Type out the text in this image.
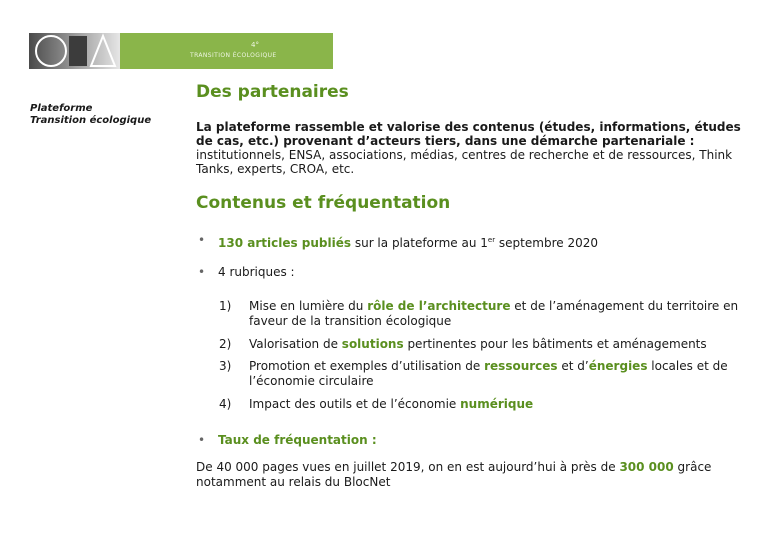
4°
TRANSITION ÉCOLOGIQUE
Plateforme
Transition écologique
Des partenaires
La plateforme rassemble et valorise des contenus (études, informations, études de cas, etc.) provenant d’acteurs tiers, dans une démarche partenariale : institutionnels, ENSA, associations, médias, centres de recherche et de ressources, Think Tanks, experts, CROA, etc.
Contenus et fréquentation
• 130 articles publiés sur la plateforme au 1er septembre 2020
• 4 rubriques :
1) Mise en lumière du rôle de l’architecture et de l’aménagement du territoire en faveur de la transition écologique
2) Valorisation de solutions pertinentes pour les bâtiments et aménagements
3) Promotion et exemples d’utilisation de ressources et d’énergies locales et de l’économie circulaire
4) Impact des outils et de l’économie numérique
• Taux de fréquentation :
De 40 000 pages vues en juillet 2019, on en est aujourd’hui à près de 300 000 grâce notamment au relais du BlocNet
